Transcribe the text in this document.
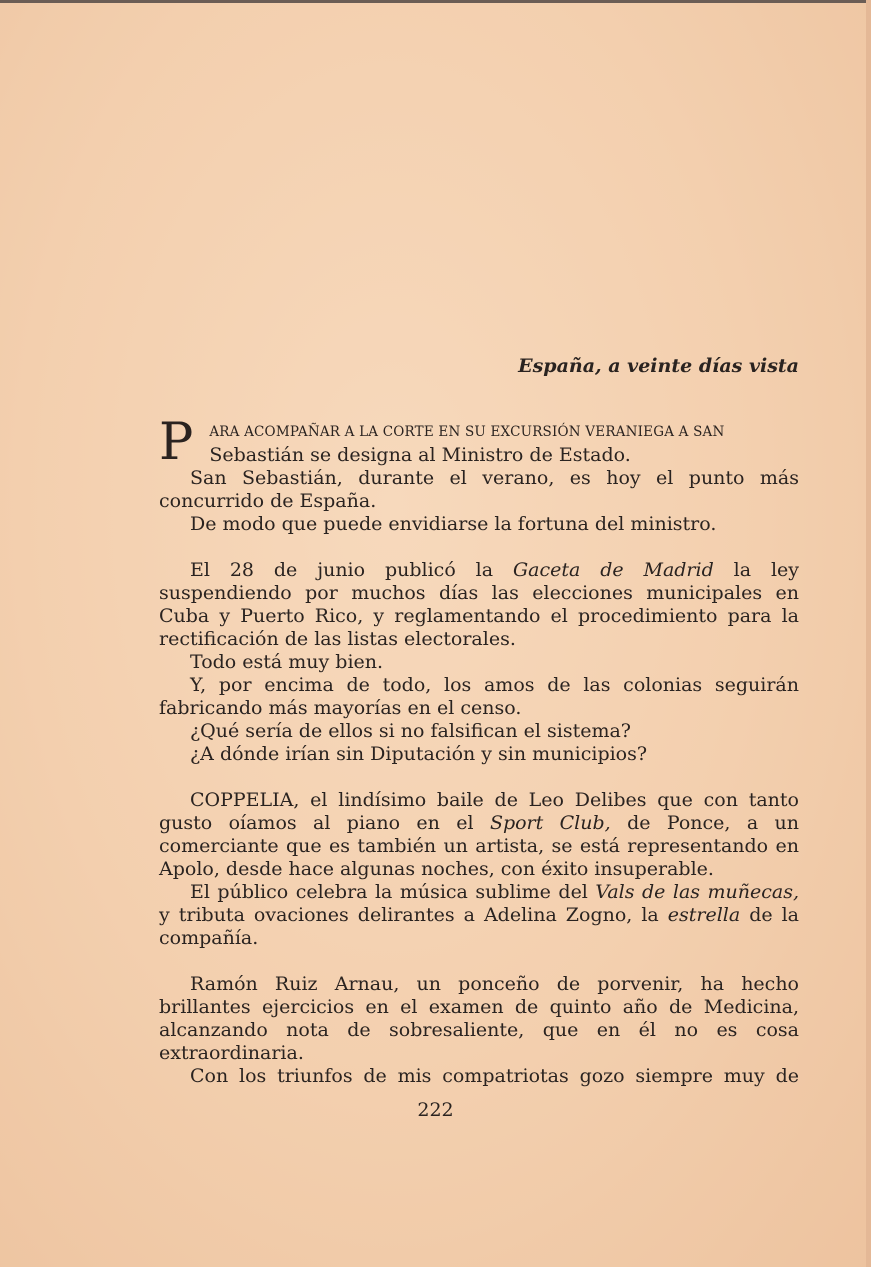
España, a veinte días vista

P ARA ACOMPAÑAR A LA CORTE EN SU EXCURSIÓN VERANIEGA A SAN
Sebastián se designa al Ministro de Estado.

San Sebastián, durante el verano, es hoy el punto más concurrido de España.

De modo que puede envidiarse la fortuna del ministro.

El 28 de junio publicó la Gaceta de Madrid la ley suspendiendo por muchos días las elecciones municipales en Cuba y Puerto Rico, y reglamentando el procedimiento para la rectificación de las listas electorales.

Todo está muy bien.

Y, por encima de todo, los amos de las colonias seguirán fabricando más mayorías en el censo.

¿Qué sería de ellos si no falsifican el sistema?

¿A dónde irían sin Diputación y sin municipios?

COPPELIA, el lindísimo baile de Leo Delibes que con tanto gusto oíamos al piano en el Sport Club, de Ponce, a un comerciante que es también un artista, se está representando en Apolo, desde hace algunas noches, con éxito insuperable.

El público celebra la música sublime del Vals de las muñecas, y tributa ovaciones delirantes a Adelina Zogno, la estrella de la compañía.

Ramón Ruiz Arnau, un ponceño de porvenir, ha hecho brillantes ejercicios en el examen de quinto año de Medicina, alcanzando nota de sobresaliente, que en él no es cosa extraordinaria.

Con los triunfos de mis compatriotas gozo siempre muy de

222
